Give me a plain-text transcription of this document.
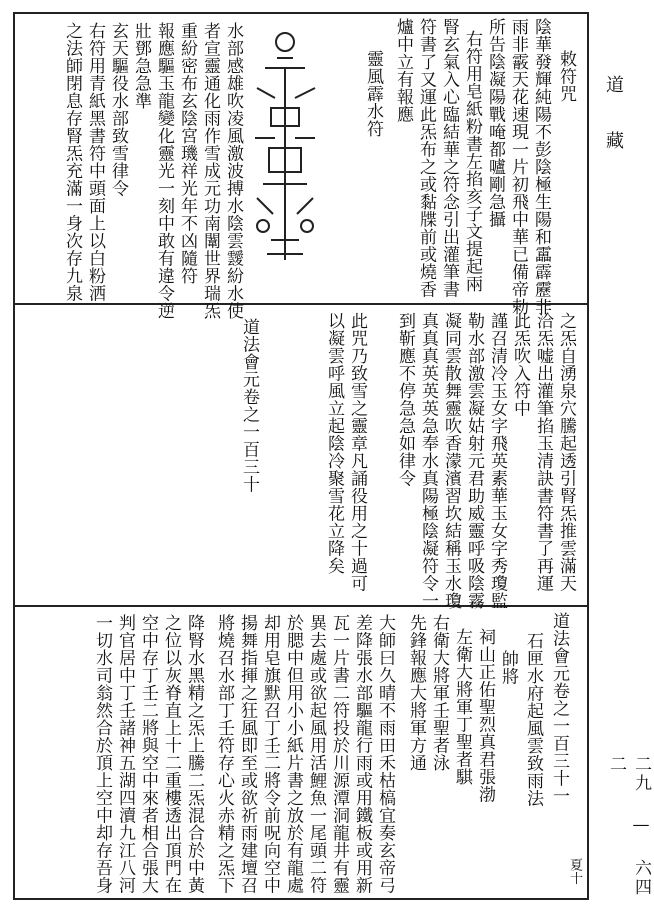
道　藏
二九 — 六四二
敕符咒
陰華發輝純陽不彭陰極生陽和靁霹靂非
雨非霰天花速現一片初飛中華已備帝勅
所告陰凝陽戰唵都嚧剛急攝
右符用皂紙粉書左掐亥子文提起兩
腎玄氣入心臨結華之符念引出灌筆書
符書了又運此炁布之或黏牒前或燒香
爐中立有報應
靈風霹水符
水部感雄吹凌風激波搏水陰雲靉紛水使
者宣靈通化雨作雪成元功南闈世界瑞炁
重紛密布玄陰宮璣祥光年不凶隨符
報應驅玉龍變化靈光一刻中敢有違令逆
壯鄧急急準
玄天驅役水部致雪律令
右符用青紙黑書符中頭面上以白粉洒
之法師閉息存腎炁充滿一身次存九泉
之炁自湧泉穴騰起透引腎炁推雲滿天
洽炁嘘出灌筆掐玉清訣書符書了再運
此炁吹入符中
謹召清冷玉女字飛英素華玉女字秀瓊監
勒水部激雲凝姑射元君助威靈呼吸陰霧
凝同雲散舞靈吹香濛濱習坎結稱玉水瓊
真真真英英英急奉水真陽極陰凝符令一
到靳應不停急急如律令
此咒乃致雪之靈章凡誦役用之十過可
以凝雲呼風立起陰冷聚雪花立降矣
道法會元卷之一百三十
道法會元卷之一百三十一
石匣水府起風雲致雨法
帥將
祠山正佑聖烈真君張渤
左衛大將軍丁聖者騏
右衛大將軍壬聖者泳
先鋒報應大將軍方通
大師曰久晴不雨田禾枯槁宜奏玄帝弓
差降張水部驅龍行雨或用鐵板或用新
瓦一片書二符投於川源潭洞龍井有靈
異去處或欲起風用活鯉魚一尾頭二符
於腮中但用小小紙片書之放於有龍處
却用皂旗默召丁壬二將令前呪向空中
揚舞指揮之狂風即至或欲祈雨建壇召
將燒召水部丁壬符存心火赤精之炁下
降腎水黑精之炁上騰二炁混合於中黃
之位以灰脊直上十二重樓透出頂門在
空中存丁壬二將與空中來者相合張大
判官居中丁壬諸神五湖四瀆九江八河
一切水司翁然合於頂上空中却存吾身	夏十
